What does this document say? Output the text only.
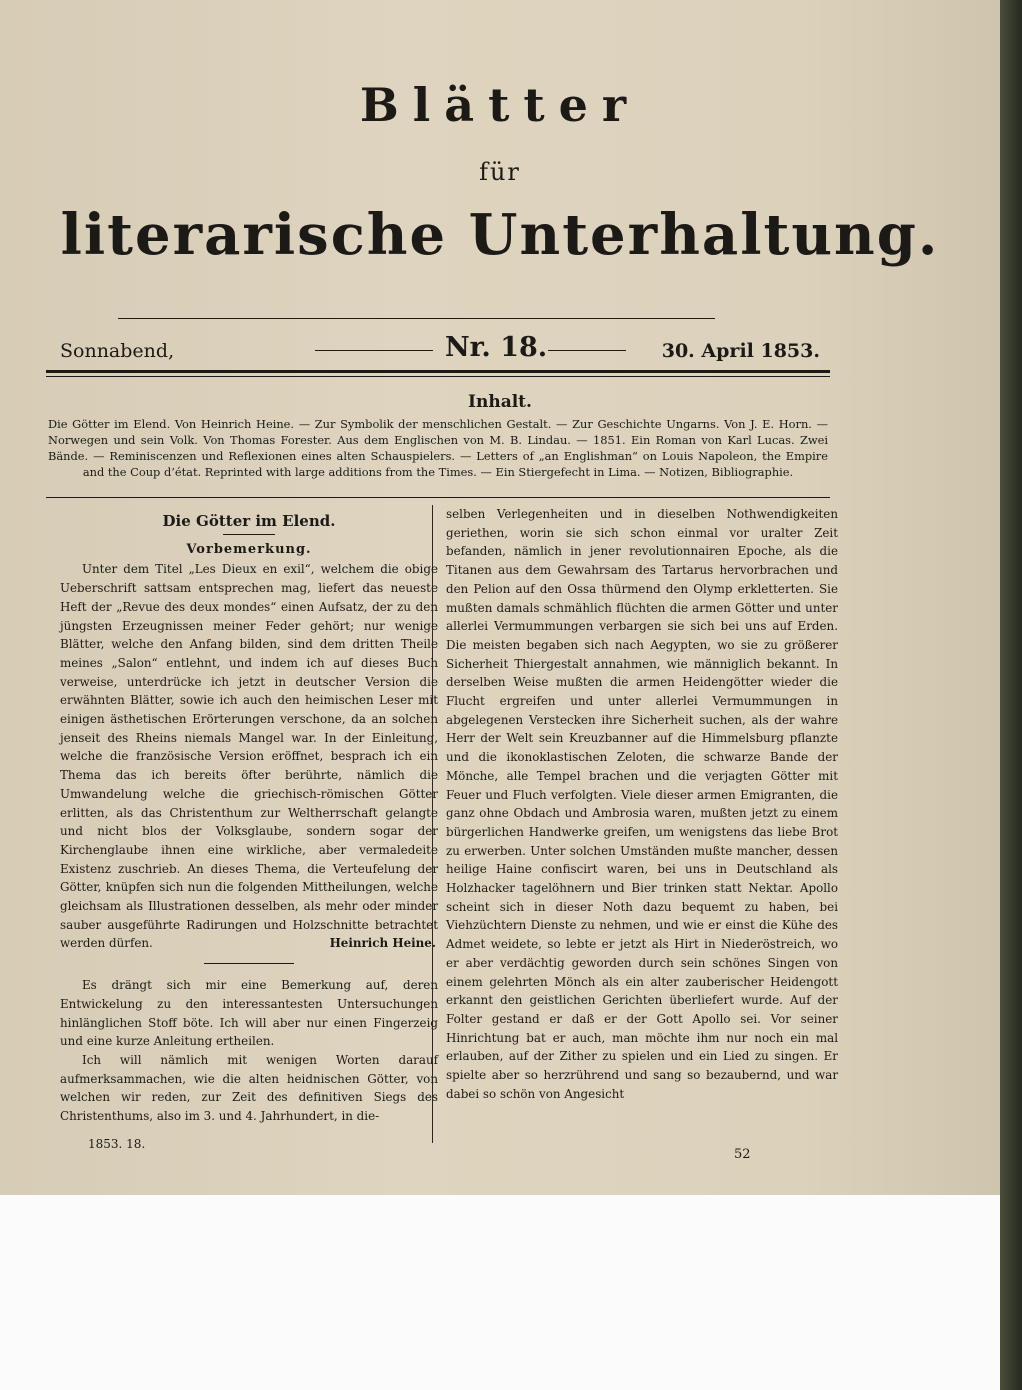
Blätter
für
literarische Unterhaltung.
Sonnabend,	Nr. 18.	30. April 1853.
Inhalt.
Die Götter im Elend. Von Heinrich Heine. — Zur Symbolik der menschlichen Gestalt. — Zur Geschichte Ungarns. Von J. E. Horn. — Norwegen und sein Volk. Von Thomas Forester. Aus dem Englischen von M. B. Lindau. — 1851. Ein Roman von Karl Lucas. Zwei Bände. — Reminiscenzen und Reflexionen eines alten Schauspielers. — Letters of „an Englishman“ on Louis Napoleon, the Empire and the Coup d’état. Reprinted with large additions from the Times. — Ein Stiergefecht in Lima. — Notizen, Bibliographie.
Die Götter im Elend.
Vorbemerkung.

Unter dem Titel „Les Dieux en exil“, welchem die obige Ueberschrift sattsam entsprechen mag, liefert das neueste Heft der „Revue des deux mondes“ einen Aufsatz, der zu den jüngsten Erzeugnissen meiner Feder gehört; nur wenige Blätter, welche den Anfang bilden, sind dem dritten Theile meines „Salon“ entlehnt, und indem ich auf dieses Buch verweise, unterdrücke ich jetzt in deutscher Version die erwähnten Blätter, sowie ich auch den heimischen Leser mit einigen ästhetischen Erörterungen verschone, da an solchen jenseit des Rheins niemals Mangel war. In der Einleitung, welche die französische Version eröffnet, besprach ich ein Thema das ich bereits öfter berührte, nämlich die Umwandelung welche die griechisch-römischen Götter erlitten, als das Christenthum zur Weltherrschaft gelangte und nicht blos der Volksglaube, sondern sogar der Kirchenglaube ihnen eine wirkliche, aber vermaledeite Existenz zuschrieb. An dieses Thema, die Verteufelung der Götter, knüpfen sich nun die folgenden Mittheilungen, welche gleichsam als Illustrationen desselben, als mehr oder minder sauber ausgeführte Radirungen und Holzschnitte betrachtet werden dürfen.	Heinrich Heine.

Es drängt sich mir eine Bemerkung auf, deren Entwickelung zu den interessantesten Untersuchungen hinlänglichen Stoff böte. Ich will aber nur einen Fingerzeig und eine kurze Anleitung ertheilen.

Ich will nämlich mit wenigen Worten darauf aufmerksammachen, wie die alten heidnischen Götter, von welchen wir reden, zur Zeit des definitiven Siegs des Christenthums, also im 3. und 4. Jahrhundert, in die-

selben Verlegenheiten und in dieselben Nothwendigkeiten geriethen, worin sie sich schon einmal vor uralter Zeit befanden, nämlich in jener revolutionnairen Epoche, als die Titanen aus dem Gewahrsam des Tartarus hervorbrachen und den Pelion auf den Ossa thürmend den Olymp erkletterten. Sie mußten damals schmählich flüchten die armen Götter und unter allerlei Vermummungen verbargen sie sich bei uns auf Erden. Die meisten begaben sich nach Aegypten, wo sie zu größerer Sicherheit Thiergestalt annahmen, wie männiglich bekannt. In derselben Weise mußten die armen Heidengötter wieder die Flucht ergreifen und unter allerlei Vermummungen in abgelegenen Verstecken ihre Sicherheit suchen, als der wahre Herr der Welt sein Kreuzbanner auf die Himmelsburg pflanzte und die ikonoklastischen Zeloten, die schwarze Bande der Mönche, alle Tempel brachen und die verjagten Götter mit Feuer und Fluch verfolgten. Viele dieser armen Emigranten, die ganz ohne Obdach und Ambrosia waren, mußten jetzt zu einem bürgerlichen Handwerke greifen, um wenigstens das liebe Brot zu erwerben. Unter solchen Umständen mußte mancher, dessen heilige Haine confiscirt waren, bei uns in Deutschland als Holzhacker tagelöhnern und Bier trinken statt Nektar. Apollo scheint sich in dieser Noth dazu bequemt zu haben, bei Viehzüchtern Dienste zu nehmen, und wie er einst die Kühe des Admet weidete, so lebte er jetzt als Hirt in Niederöstreich, wo er aber verdächtig geworden durch sein schönes Singen von einem gelehrten Mönch als ein alter zauberischer Heidengott erkannt den geistlichen Gerichten überliefert wurde. Auf der Folter gestand er daß er der Gott Apollo sei. Vor seiner Hinrichtung bat er auch, man möchte ihm nur noch ein mal erlauben, auf der Zither zu spielen und ein Lied zu singen. Er spielte aber so herzrührend und sang so bezaubernd, und war dabei so schön von Angesicht

1853. 18.
52
